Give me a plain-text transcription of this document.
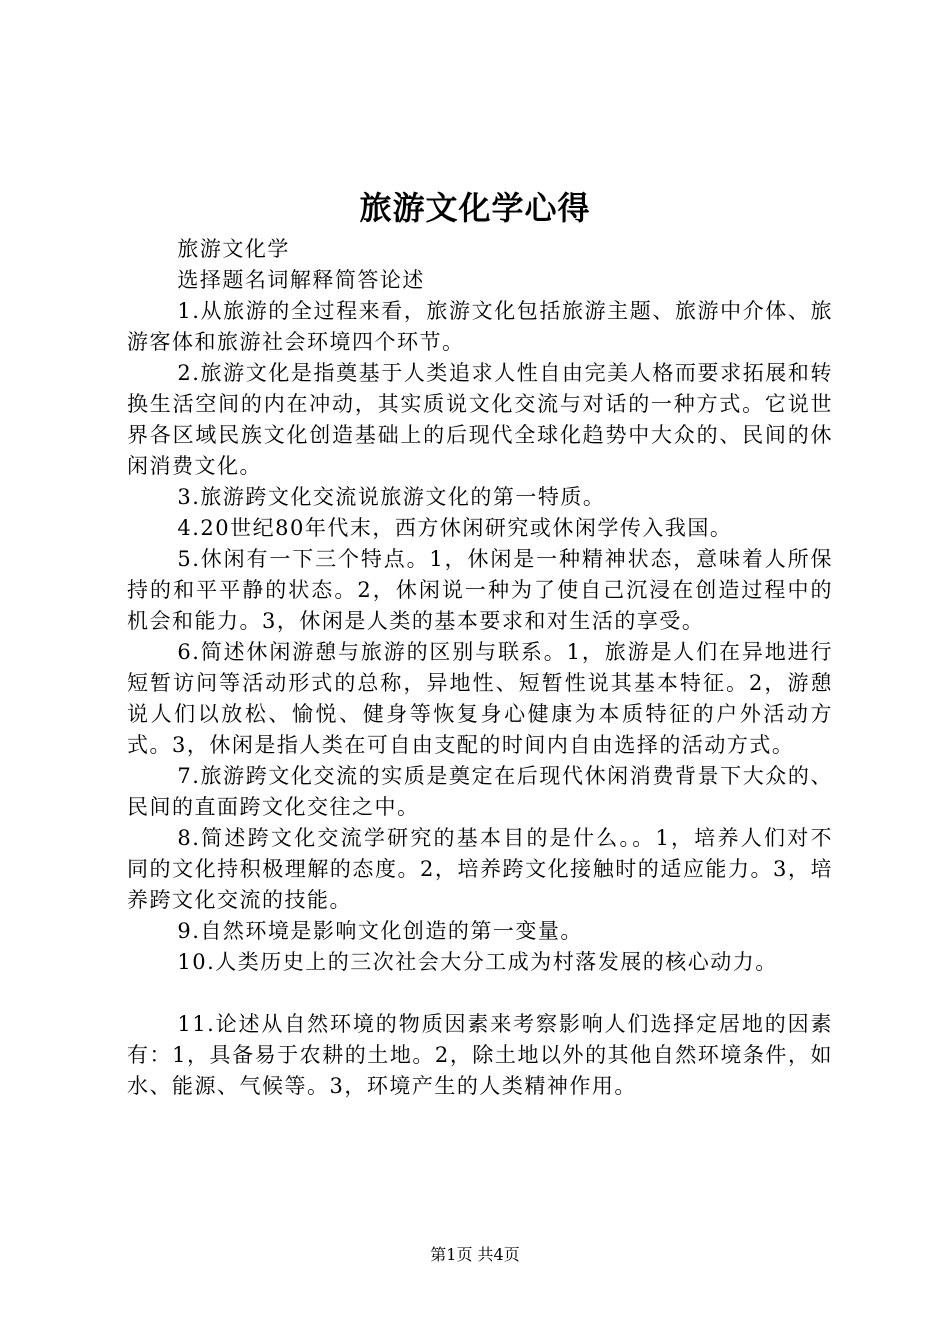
旅游文化学心得

旅游文化学

选择题名词解释简答论述

1.从旅游的全过程来看，旅游文化包括旅游主题、旅游中介体、旅游客体和旅游社会环境四个环节。

2.旅游文化是指奠基于人类追求人性自由完美人格而要求拓展和转换生活空间的内在冲动，其实质说文化交流与对话的一种方式。它说世界各区域民族文化创造基础上的后现代全球化趋势中大众的、民间的休闲消费文化。

3.旅游跨文化交流说旅游文化的第一特质。

4.20世纪80年代末，西方休闲研究或休闲学传入我国。

5.休闲有一下三个特点。1，休闲是一种精神状态，意味着人所保持的和平平静的状态。2，休闲说一种为了使自己沉浸在创造过程中的机会和能力。3，休闲是人类的基本要求和对生活的享受。

6.简述休闲游憩与旅游的区别与联系。1，旅游是人们在异地进行短暂访问等活动形式的总称，异地性、短暂性说其基本特征。2，游憩说人们以放松、愉悦、健身等恢复身心健康为本质特征的户外活动方式。3，休闲是指人类在可自由支配的时间内自由选择的活动方式。

7.旅游跨文化交流的实质是奠定在后现代休闲消费背景下大众的、民间的直面跨文化交往之中。

8.简述跨文化交流学研究的基本目的是什么。。1，培养人们对不同的文化持积极理解的态度。2，培养跨文化接触时的适应能力。3，培养跨文化交流的技能。

9.自然环境是影响文化创造的第一变量。

10.人类历史上的三次社会大分工成为村落发展的核心动力。

11.论述从自然环境的物质因素来考察影响人们选择定居地的因素有：1，具备易于农耕的土地。2，除土地以外的其他自然环境条件，如水、能源、气候等。3，环境产生的人类精神作用。

第1页 共4页
